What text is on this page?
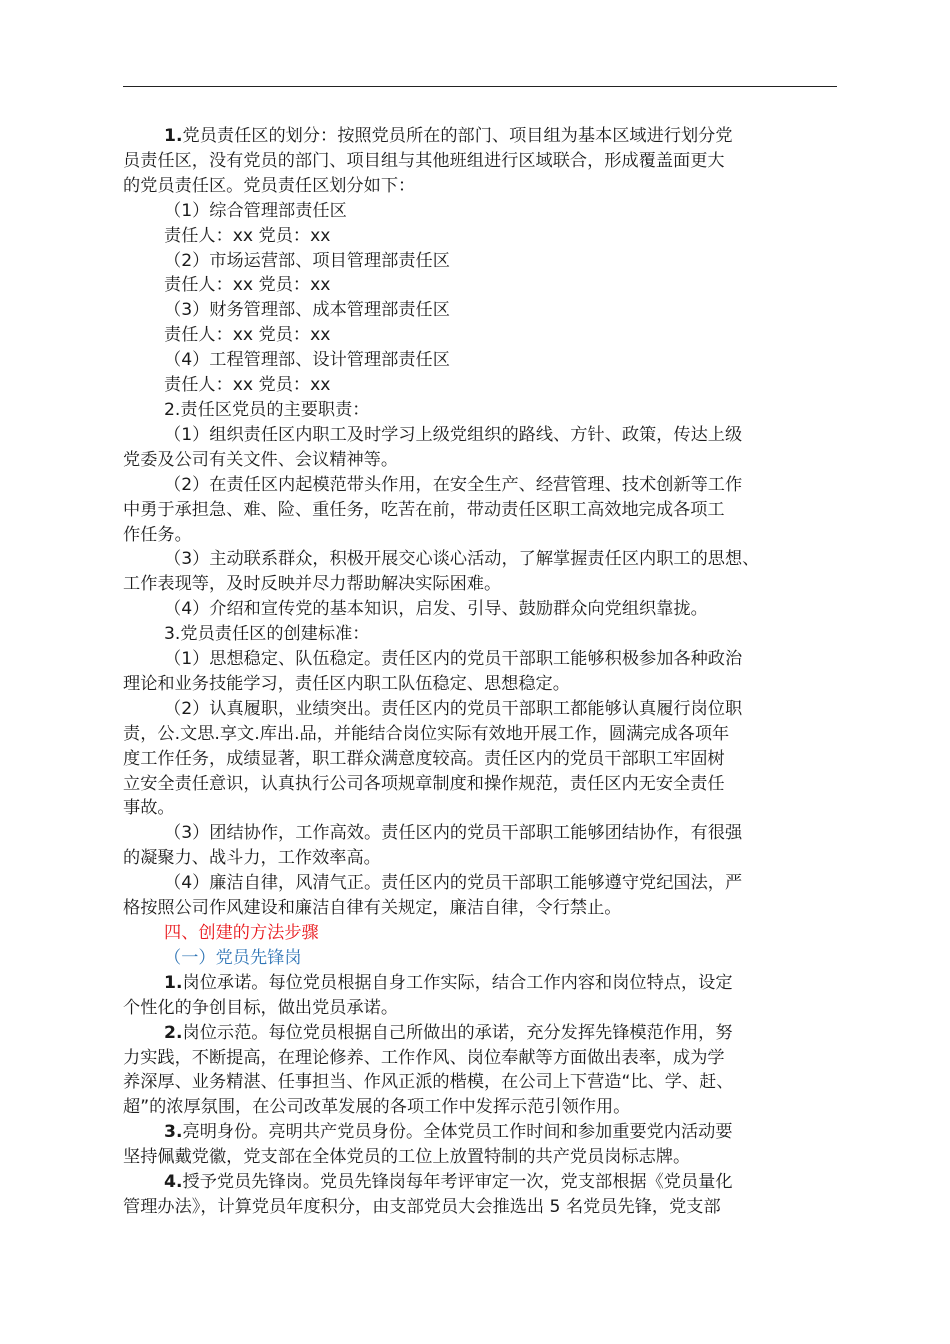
1.党员责任区的划分：按照党员所在的部门、项目组为基本区域进行划分党

员责任区，没有党员的部门、项目组与其他班组进行区域联合，形成覆盖面更大

的党员责任区。党员责任区划分如下：

（1）综合管理部责任区

责任人：xx 党员：xx

（2）市场运营部、项目管理部责任区

责任人：xx 党员：xx

（3）财务管理部、成本管理部责任区

责任人：xx 党员：xx

（4）工程管理部、设计管理部责任区

责任人：xx 党员：xx

2.责任区党员的主要职责：

（1）组织责任区内职工及时学习上级党组织的路线、方针、政策，传达上级

党委及公司有关文件、会议精神等。

（2）在责任区内起模范带头作用，在安全生产、经营管理、技术创新等工作

中勇于承担急、难、险、重任务，吃苦在前，带动责任区职工高效地完成各项工

作任务。

（3）主动联系群众，积极开展交心谈心活动，了解掌握责任区内职工的思想、

工作表现等，及时反映并尽力帮助解决实际困难。

（4）介绍和宣传党的基本知识，启发、引导、鼓励群众向党组织靠拢。

3.党员责任区的创建标准：

（1）思想稳定、队伍稳定。责任区内的党员干部职工能够积极参加各种政治

理论和业务技能学习，责任区内职工队伍稳定、思想稳定。

（2）认真履职，业绩突出。责任区内的党员干部职工都能够认真履行岗位职

责，公.文思.享文.库出.品，并能结合岗位实际有效地开展工作，圆满完成各项年

度工作任务，成绩显著，职工群众满意度较高。责任区内的党员干部职工牢固树

立安全责任意识，认真执行公司各项规章制度和操作规范，责任区内无安全责任

事故。

（3）团结协作，工作高效。责任区内的党员干部职工能够团结协作，有很强

的凝聚力、战斗力，工作效率高。

（4）廉洁自律，风清气正。责任区内的党员干部职工能够遵守党纪国法，严

格按照公司作风建设和廉洁自律有关规定，廉洁自律，令行禁止。

四、创建的方法步骤

（一）党员先锋岗

1.岗位承诺。每位党员根据自身工作实际，结合工作内容和岗位特点，设定

个性化的争创目标，做出党员承诺。

2.岗位示范。每位党员根据自己所做出的承诺，充分发挥先锋模范作用，努

力实践，不断提高，在理论修养、工作作风、岗位奉献等方面做出表率，成为学

养深厚、业务精湛、任事担当、作风正派的楷模，在公司上下营造“比、学、赶、

超”的浓厚氛围，在公司改革发展的各项工作中发挥示范引领作用。

3.亮明身份。亮明共产党员身份。全体党员工作时间和参加重要党内活动要

坚持佩戴党徽，党支部在全体党员的工位上放置特制的共产党员岗标志牌。

4.授予党员先锋岗。党员先锋岗每年考评审定一次，党支部根据《党员量化

管理办法》，计算党员年度积分，由支部党员大会推选出 5 名党员先锋，党支部
